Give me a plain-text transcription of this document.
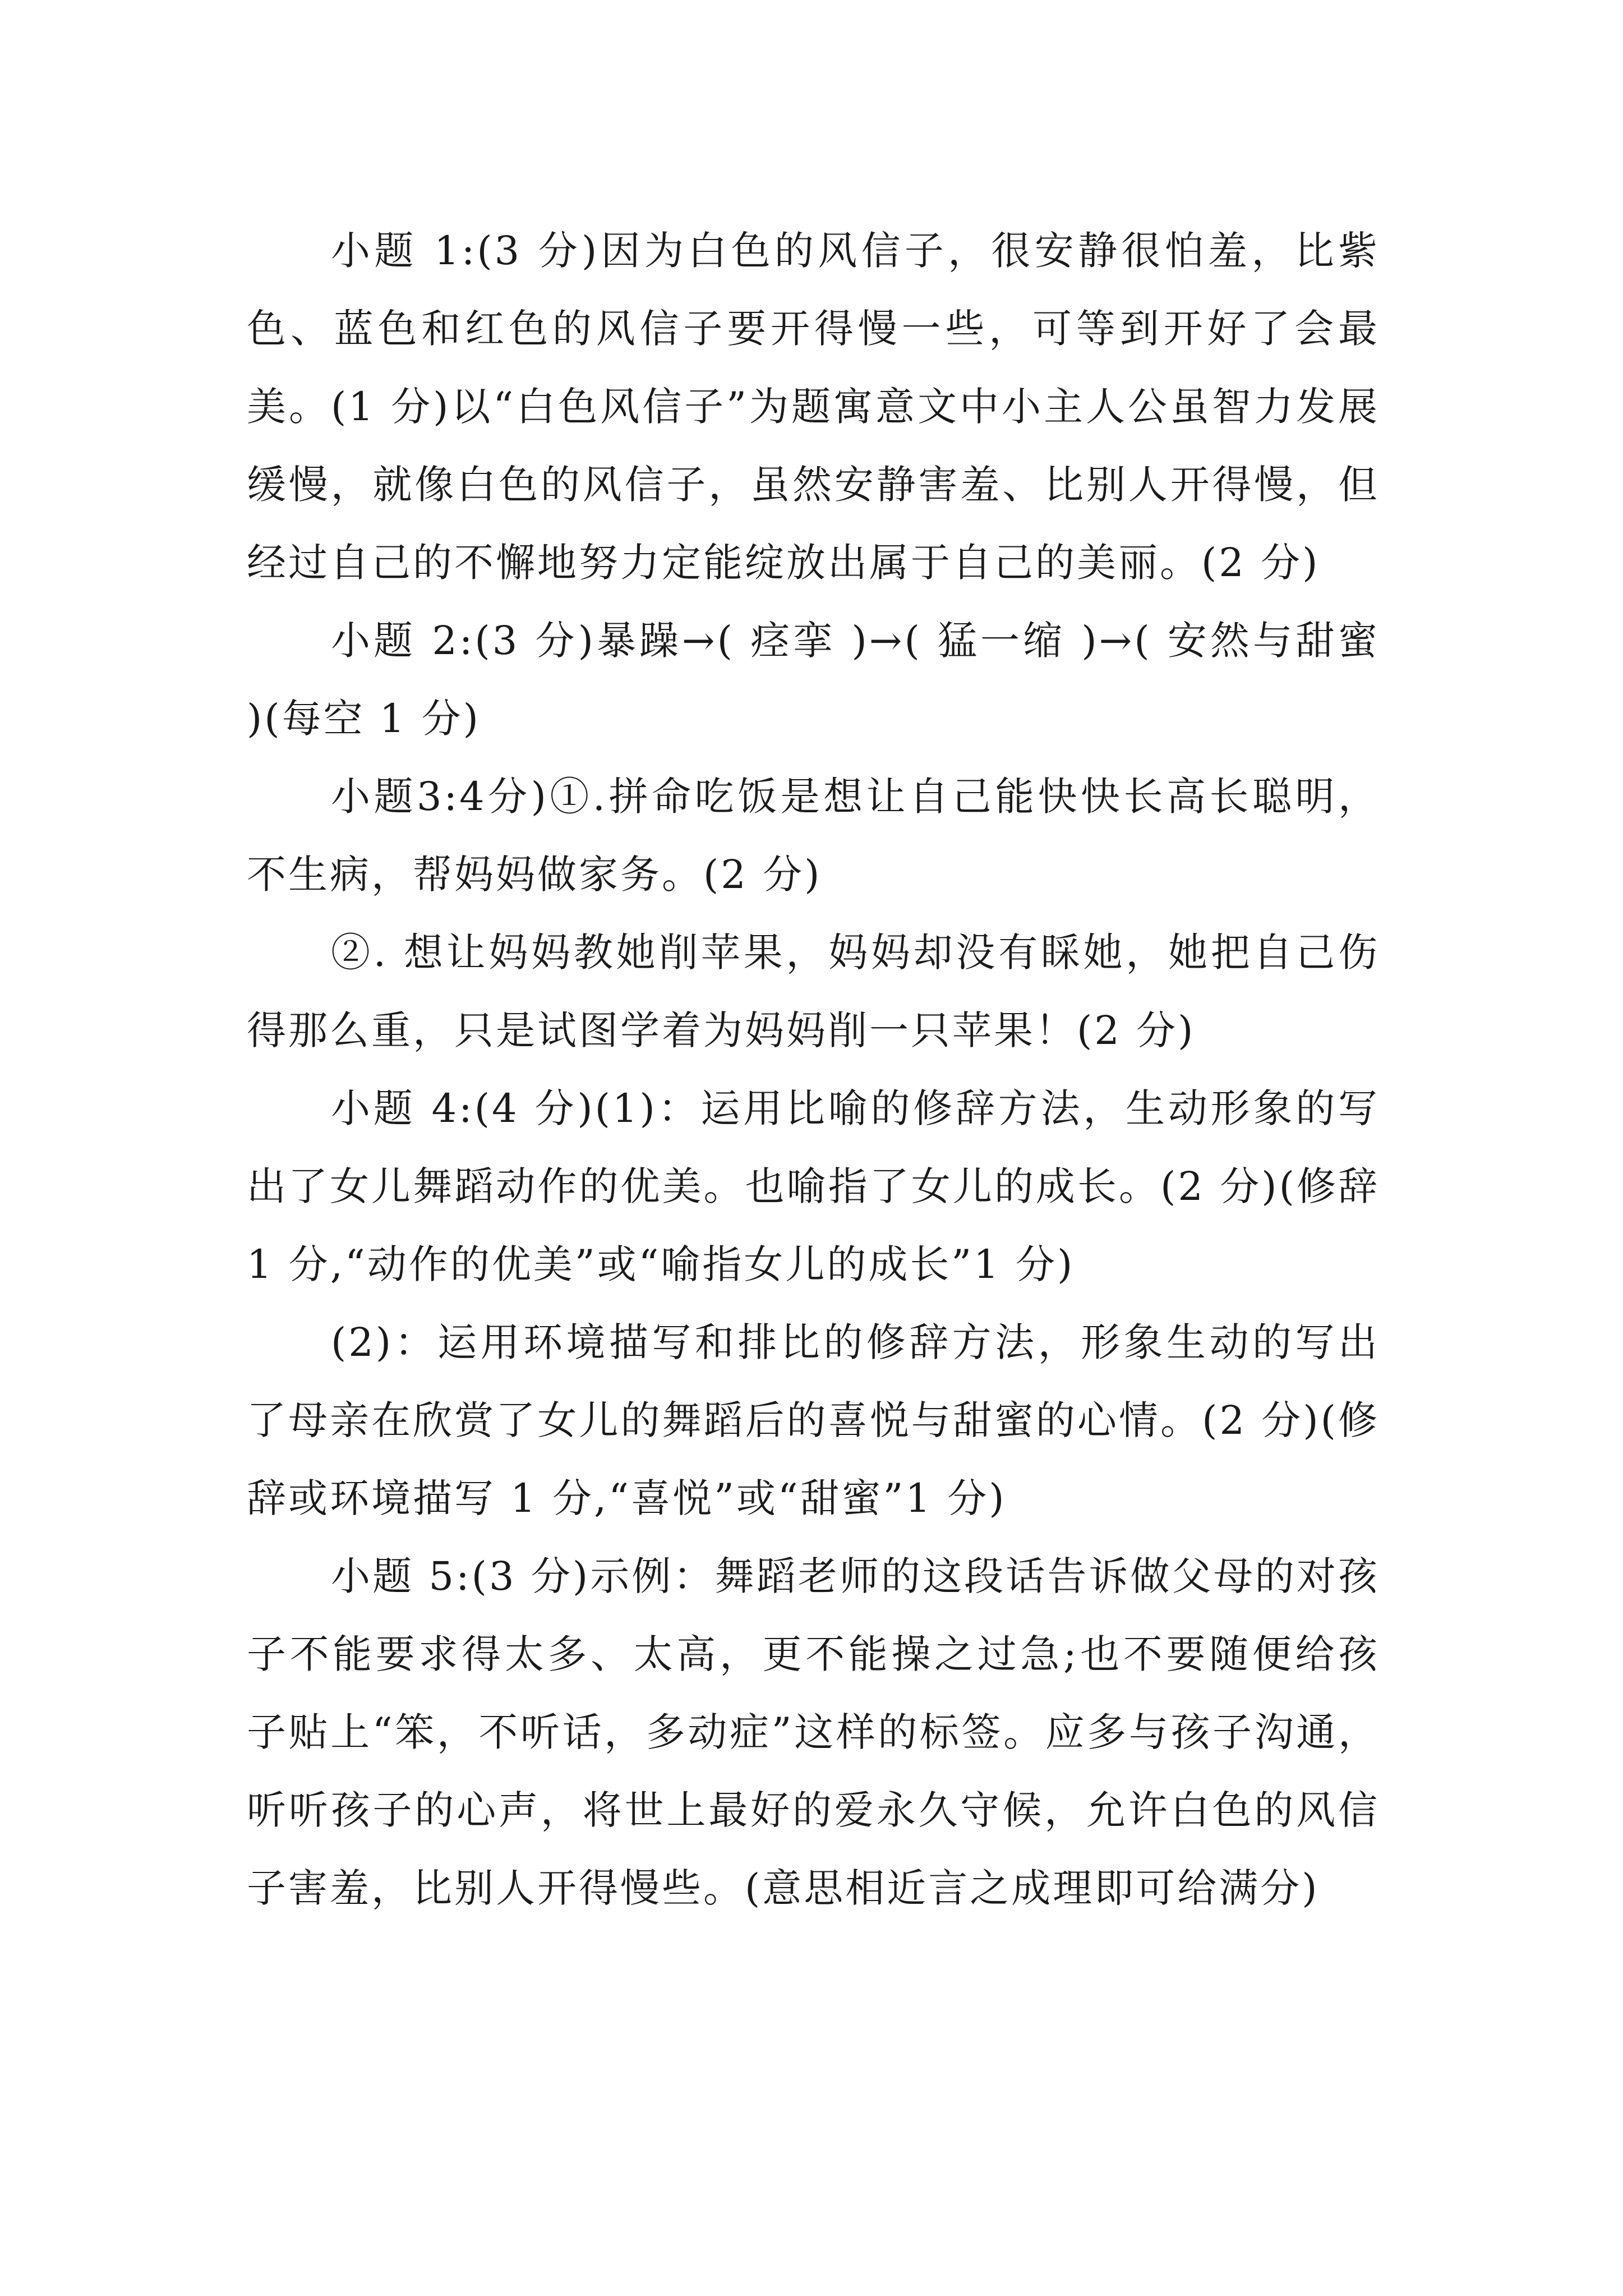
小题 1:(3 分)因为白色的风信子，很安静很怕羞，比紫色、蓝色和红色的风信子要开得慢一些，可等到开好了会最美。(1 分)以“白色风信子”为题寓意文中小主人公虽智力发展缓慢，就像白色的风信子，虽然安静害羞、比别人开得慢，但经过自己的不懈地努力定能绽放出属于自己的美丽。(2 分)

小题 2:(3 分)暴躁→( 痉挛 )→( 猛一缩 )→( 安然与甜蜜 )(每空 1 分)

小题3:4分)①.拼命吃饭是想让自己能快快长高长聪明，不生病，帮妈妈做家务。(2 分)

②. 想让妈妈教她削苹果，妈妈却没有睬她，她把自己伤得那么重，只是试图学着为妈妈削一只苹果！(2 分)

小题 4:(4 分)(1)：运用比喻的修辞方法，生动形象的写出了女儿舞蹈动作的优美。也喻指了女儿的成长。(2 分)(修辞 1 分,“动作的优美”或“喻指女儿的成长”1 分)

(2)：运用环境描写和排比的修辞方法，形象生动的写出了母亲在欣赏了女儿的舞蹈后的喜悦与甜蜜的心情。(2 分)(修辞或环境描写 1 分,“喜悦”或“甜蜜”1 分)

小题 5:(3 分)示例：舞蹈老师的这段话告诉做父母的对孩子不能要求得太多、太高，更不能操之过急;也不要随便给孩子贴上“笨，不听话，多动症”这样的标签。应多与孩子沟通，听听孩子的心声，将世上最好的爱永久守候，允许白色的风信子害羞，比别人开得慢些。(意思相近言之成理即可给满分)
